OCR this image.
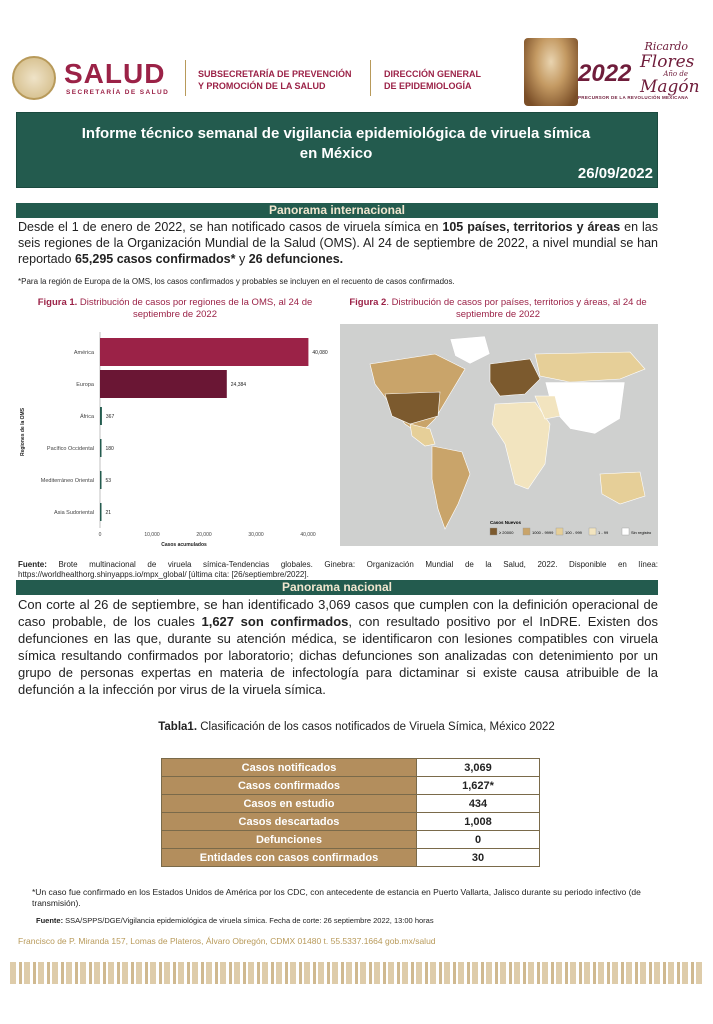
SALUD
SECRETARÍA DE SALUD
SUBSECRETARÍA DE PREVENCIÓN
Y PROMOCIÓN DE LA SALUD
DIRECCIÓN GENERAL
DE EPIDEMIOLOGÍA	2022
Ricardo
Flores
Año de
Magón
PRECURSOR DE LA REVOLUCIÓN MEXICANA
Informe técnico semanal de vigilancia epidemiológica de viruela símica
en México
26/09/2022
Panorama internacional
Desde el 1 de enero de 2022, se han notificado casos de viruela símica en 105 países, territorios y áreas en las seis regiones de la Organización Mundial de la Salud (OMS). Al 24 de septiembre de 2022, a nivel mundial se han reportado 65,295 casos confirmados* y 26 defunciones.
*Para la región de Europa de la OMS, los casos confirmados y probables se incluyen en el recuento de casos confirmados.
Figura 1. Distribución de casos por regiones de la OMS, al 24 de septiembre de 2022
Figura 2. Distribución de casos por países, territorios y áreas, al 24 de septiembre de 2022
América	40,080
Europa	24,384
África 367
Pacífico Occidental 180
Mediterráneo Oriental 53
Asia Sudoriental 21
0	10,000	20,000	30,000	40,000
Casos acumulados
Regiones de la OMS
Casos Nuevos
≥ 20000	1000 - 9999	100 - 999	1 - 99	Sin registro
Fuente: Brote multinacional de viruela símica-Tendencias globales. Ginebra: Organización Mundial de la Salud, 2022. Disponible en línea: https://worldhealthorg.shinyapps.io/mpx_global/ [última cita: [26/septiembre/2022].
Panorama nacional
Con corte al 26 de septiembre, se han identificado 3,069 casos que cumplen con la definición operacional de caso probable, de los cuales 1,627 son confirmados, con resultado positivo por el InDRE. Existen dos defunciones en las que, durante su atención médica, se identificaron con lesiones compatibles con viruela símica resultando confirmados por laboratorio; dichas defunciones son analizadas con detenimiento por un grupo de personas expertas en materia de infectología para dictaminar si existe causa atribuible de la defunción a la infección por virus de la viruela símica.
Tabla1. Clasificación de los casos notificados de Viruela Símica, México 2022
Casos notificados	3,069
Casos confirmados	1,627*
Casos en estudio	434
Casos descartados	1,008
Defunciones	0
Entidades con casos confirmados	30
*Un caso fue confirmado en los Estados Unidos de América por los CDC, con antecedente de estancia en Puerto Vallarta, Jalisco durante su periodo infectivo (de transmisión).
Fuente: SSA/SPPS/DGE/Vigilancia epidemiológica de viruela símica. Fecha de corte: 26 septiembre 2022, 13:00 horas
Francisco de P. Miranda 157, Lomas de Plateros, Álvaro Obregón, CDMX 01480 t. 55.5337.1664 gob.mx/salud
